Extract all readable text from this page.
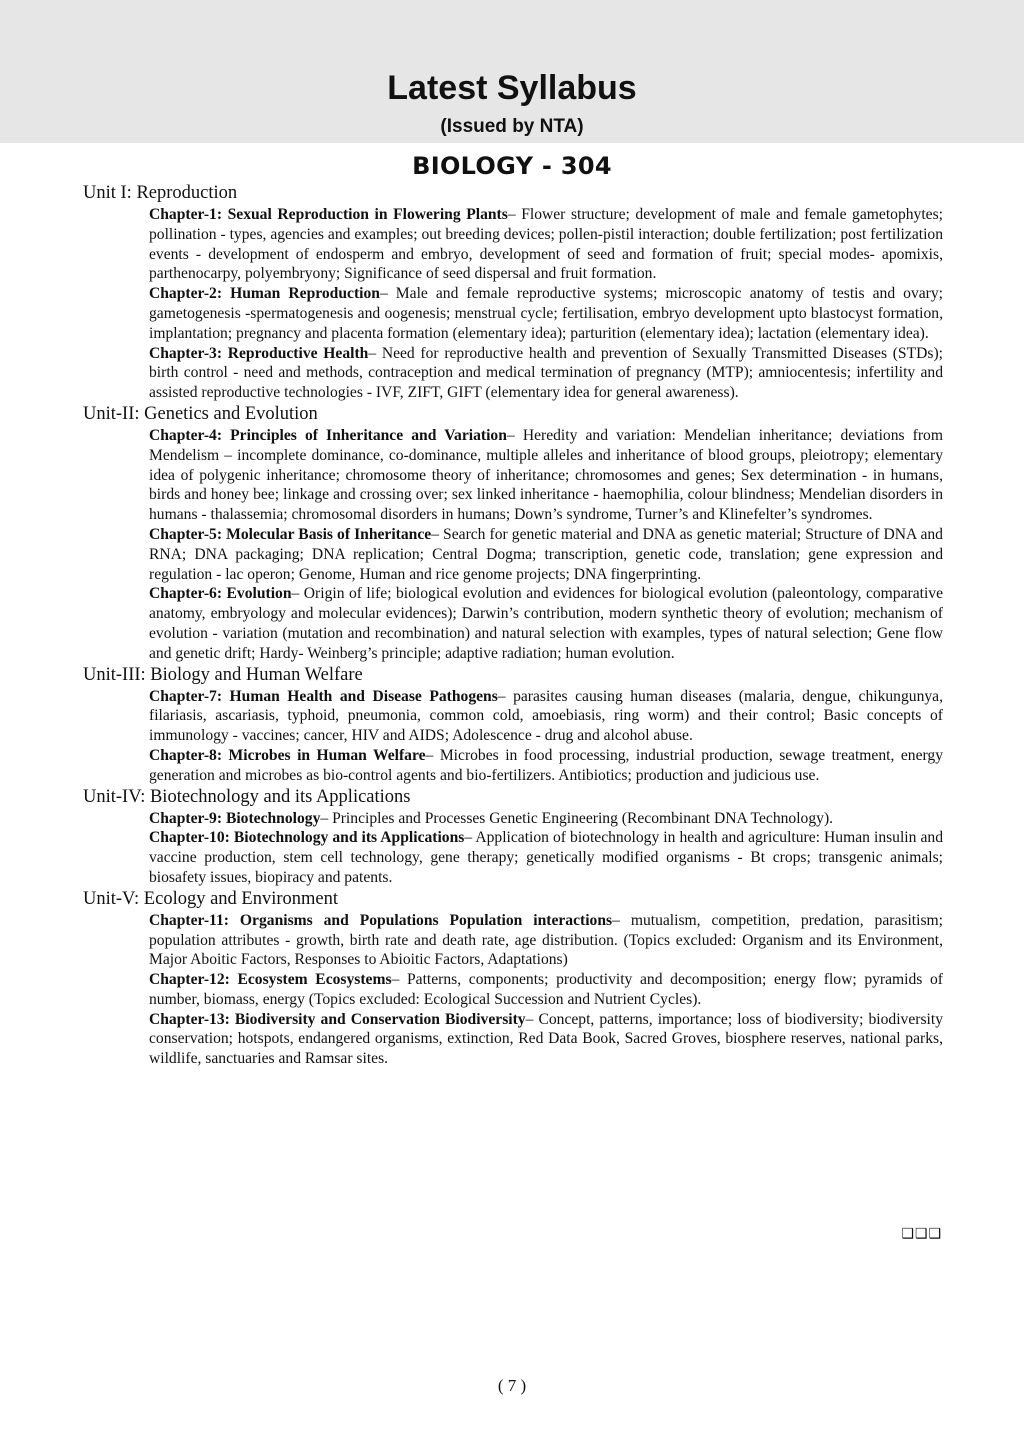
Latest Syllabus
(Issued by NTA)
BIOLOGY - 304
Unit I: Reproduction

Chapter-1: Sexual Reproduction in Flowering Plants– Flower structure; development of male and female gametophytes; pollination - types, agencies and examples; out breeding devices; pollen-pistil interaction; double fertilization; post fertilization events - development of endosperm and embryo, development of seed and formation of fruit; special modes- apomixis, parthenocarpy, polyembryony; Significance of seed dispersal and fruit formation.

Chapter-2: Human Reproduction– Male and female reproductive systems; microscopic anatomy of testis and ovary; gametogenesis -spermatogenesis and oogenesis; menstrual cycle; fertilisation, embryo development upto blastocyst formation, implantation; pregnancy and placenta formation (elementary idea); parturition (elementary idea); lactation (elementary idea).

Chapter-3: Reproductive Health– Need for reproductive health and prevention of Sexually Transmitted Diseases (STDs); birth control - need and methods, contraception and medical termination of pregnancy (MTP); amniocentesis; infertility and assisted reproductive technologies - IVF, ZIFT, GIFT (elementary idea for general awareness).

Unit-II: Genetics and Evolution

Chapter-4: Principles of Inheritance and Variation– Heredity and variation: Mendelian inheritance; deviations from Mendelism – incomplete dominance, co-dominance, multiple alleles and inheritance of blood groups, pleiotropy; elementary idea of polygenic inheritance; chromosome theory of inheritance; chromosomes and genes; Sex determination - in humans, birds and honey bee; linkage and crossing over; sex linked inheritance - haemophilia, colour blindness; Mendelian disorders in humans - thalassemia; chromosomal disorders in humans; Down’s syndrome, Turner’s and Klinefelter’s syndromes.

Chapter-5: Molecular Basis of Inheritance– Search for genetic material and DNA as genetic material; Structure of DNA and RNA; DNA packaging; DNA replication; Central Dogma; transcription, genetic code, translation; gene expression and regulation - lac operon; Genome, Human and rice genome projects; DNA fingerprinting.

Chapter-6: Evolution– Origin of life; biological evolution and evidences for biological evolution (paleontology, comparative anatomy, embryology and molecular evidences); Darwin’s contribution, modern synthetic theory of evolution; mechanism of evolution - variation (mutation and recombination) and natural selection with examples, types of natural selection; Gene flow and genetic drift; Hardy- Weinberg’s principle; adaptive radiation; human evolution.

Unit-III: Biology and Human Welfare

Chapter-7: Human Health and Disease Pathogens– parasites causing human diseases (malaria, dengue, chikungunya, filariasis, ascariasis, typhoid, pneumonia, common cold, amoebiasis, ring worm) and their control; Basic concepts of immunology - vaccines; cancer, HIV and AIDS; Adolescence - drug and alcohol abuse.

Chapter-8: Microbes in Human Welfare– Microbes in food processing, industrial production, sewage treatment, energy generation and microbes as bio-control agents and bio-fertilizers. Antibiotics; production and judicious use.

Unit-IV: Biotechnology and its Applications

Chapter-9: Biotechnology– Principles and Processes Genetic Engineering (Recombinant DNA Technology).

Chapter-10: Biotechnology and its Applications– Application of biotechnology in health and agriculture: Human insulin and vaccine production, stem cell technology, gene therapy; genetically modified organisms - Bt crops; transgenic animals; biosafety issues, biopiracy and patents.

Unit-V: Ecology and Environment

Chapter-11: Organisms and Populations Population interactions– mutualism, competition, predation, parasitism; population attributes - growth, birth rate and death rate, age distribution. (Topics excluded: Organism and its Environment, Major Aboitic Factors, Responses to Abioitic Factors, Adaptations)

Chapter-12: Ecosystem Ecosystems– Patterns, components; productivity and decomposition; energy flow; pyramids of number, biomass, energy (Topics excluded: Ecological Succession and Nutrient Cycles).

Chapter-13: Biodiversity and Conservation Biodiversity– Concept, patterns, importance; loss of biodiversity; biodiversity conservation; hotspots, endangered organisms, extinction, Red Data Book, Sacred Groves, biosphere reserves, national parks, wildlife, sanctuaries and Ramsar sites.

❑❑❑
( 7 )
